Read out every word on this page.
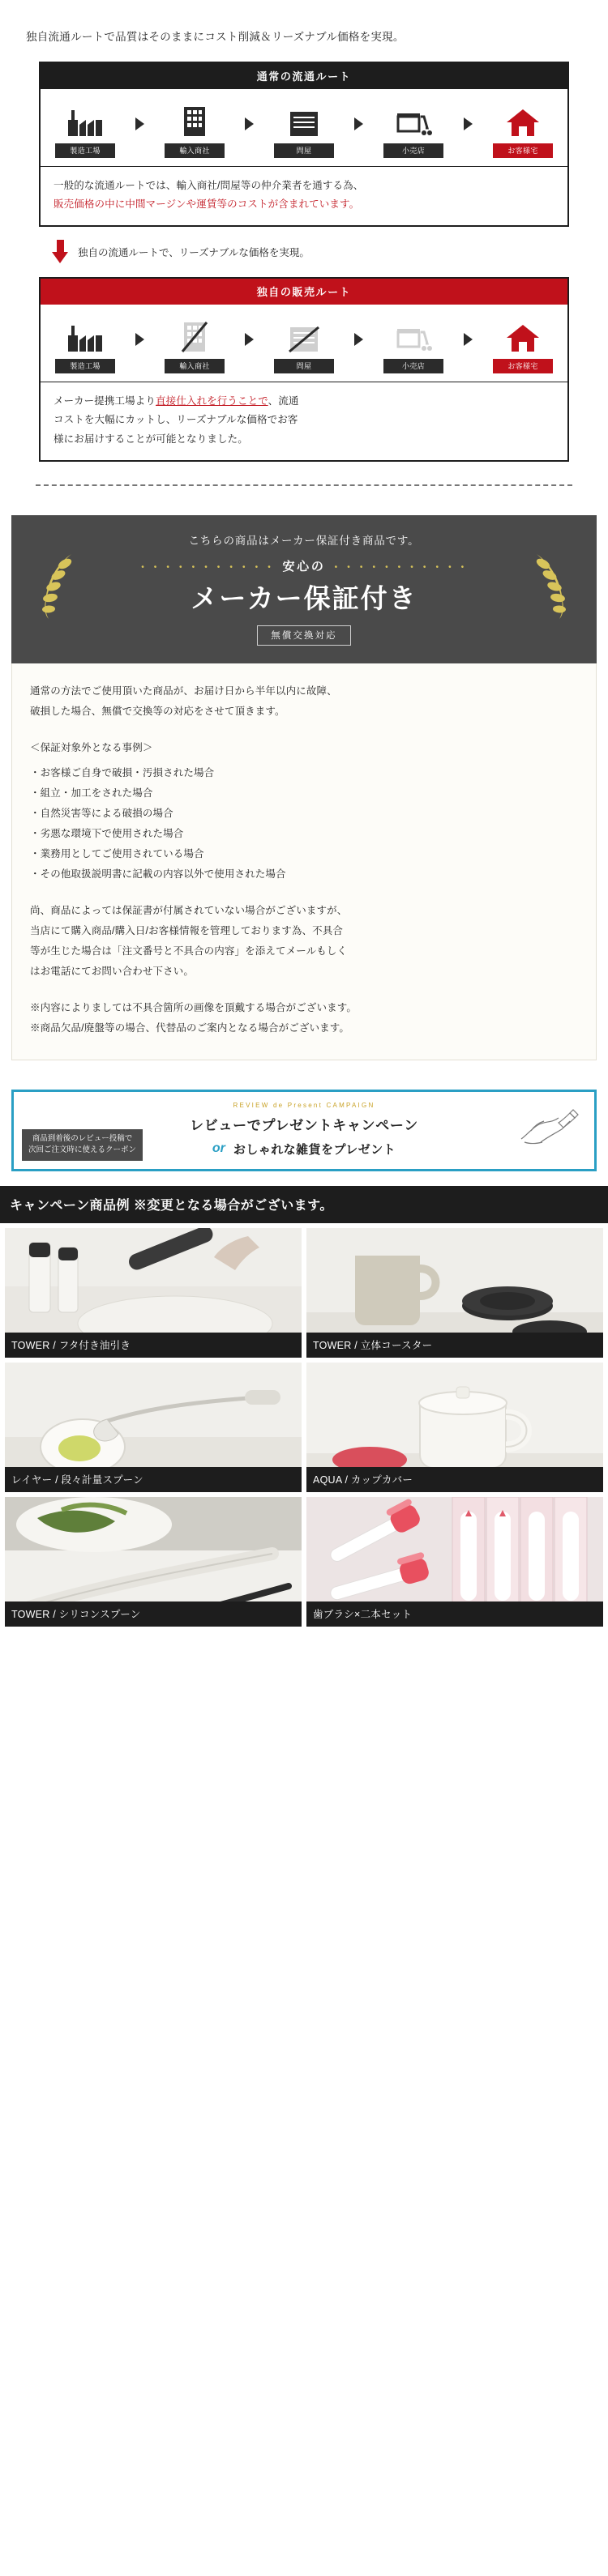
独自流通ルートで品質はそのままにコスト削減＆リーズナブル価格を実現。
通常の流通ルート
製造工場	輸入商社	問屋	小売店	お客様宅
一般的な流通ルートでは、輸入商社/問屋等の仲介業者を通する為、
販売価格の中に中間マージンや運賃等のコストが含まれています。
独自の流通ルートで、リーズナブルな価格を実現。
独自の販売ルート
製造工場	輸入商社	問屋	小売店	お客様宅
メーカー提携工場より直接仕入れを行うことで、流通
コストを大幅にカットし、リーズナブルな価格でお客
様にお届けすることが可能となりました。
こちらの商品はメーカー保証付き商品です。
・・・・・・・・・・・ 安心の ・・・・・・・・・・・
メーカー保証付き
無償交換対応
通常の方法でご使用頂いた商品が、お届け日から半年以内に故障、
破損した場合、無償で交換等の対応をさせて頂きます。
＜保証対象外となる事例＞
・お客様ご自身で破損・汚損された場合
・組立・加工をされた場合
・自然災害等による破損の場合
・劣悪な環境下で使用された場合
・業務用としてご使用されている場合
・その他取扱説明書に記載の内容以外で使用された場合
尚、商品によっては保証書が付属されていない場合がございますが、
当店にて購入商品/購入日/お客様情報を管理しております為、不具合
等が生じた場合は「注文番号と不具合の内容」を添えてメールもしく
はお電話にてお問い合わせ下さい。
※内容によりましては不具合箇所の画像を頂戴する場合がございます。
※商品欠品/廃盤等の場合、代替品のご案内となる場合がございます。
REVIEW de Present CAMPAIGN
レビューでプレゼントキャンペーン
or おしゃれな雑貨をプレゼント
商品到着後のレビュー投稿で
次回ご注文時に使えるクーポン
キャンペーン商品例 ※変更となる場合がございます。
TOWER / フタ付き油引き	TOWER / 立体コースター
レイヤー / 段々計量スプーン	AQUA / カップカバー
TOWER / シリコンスプーン	歯ブラシ×二本セット
